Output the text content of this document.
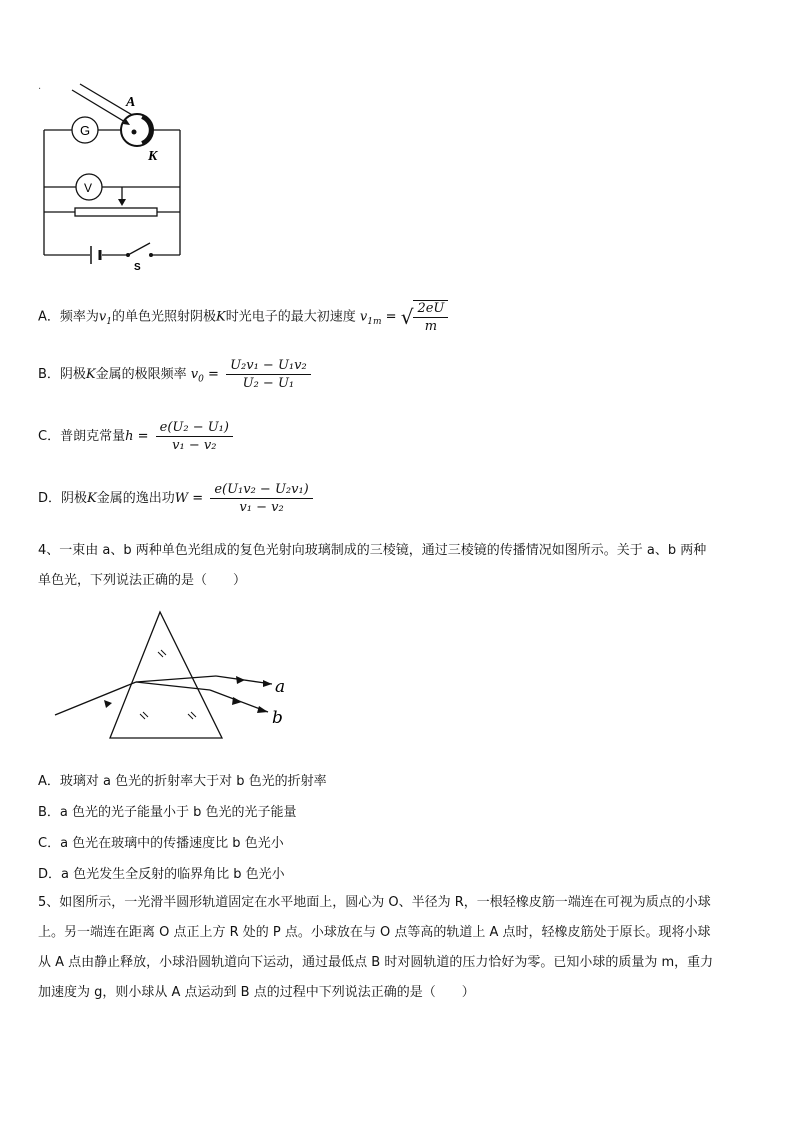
·
G
V
A
K
S
A．频率为$v_1$的单色光照射阴极K时光电子的最大初速度 $v_{1m}$ = √ $\frac{2eU}{m}$
B．阴极K金属的极限频率 $v_0 = \frac{\text{U₂v₁ − U₁v₂}}{\text{U₂ − U₁}}$
C．普朗克常量$h = \frac{\text{e(U₂ − U₁)}}{\text{v₁ − v₂}}$
D．阴极K金属的逸出功$W = \frac{\text{e(U₁v₂ − U₂v₁)}}{\text{v₁ − v₂}}$
4、一束由 a、b 两种单色光组成的复色光射向玻璃制成的三棱镜，通过三棱镜的传播情况如图所示。关于 a、b 两种
单色光，下列说法正确的是（　　）
a
b
A．玻璃对 a 色光的折射率大于对 b 色光的折射率
B．a 色光的光子能量小于 b 色光的光子能量
C．a 色光在玻璃中的传播速度比 b 色光小
D．a 色光发生全反射的临界角比 b 色光小
5、如图所示，一光滑半圆形轨道固定在水平地面上，圆心为 O、半径为 R，一根轻橡皮筋一端连在可视为质点的小球
上。另一端连在距离 O 点正上方 R 处的 P 点。小球放在与 O 点等高的轨道上 A 点时，轻橡皮筋处于原长。现将小球
从 A 点由静止释放，小球沿圆轨道向下运动，通过最低点 B 时对圆轨道的压力恰好为零。已知小球的质量为 m，重力
加速度为 g，则小球从 A 点运动到 B 点的过程中下列说法正确的是（　　）
